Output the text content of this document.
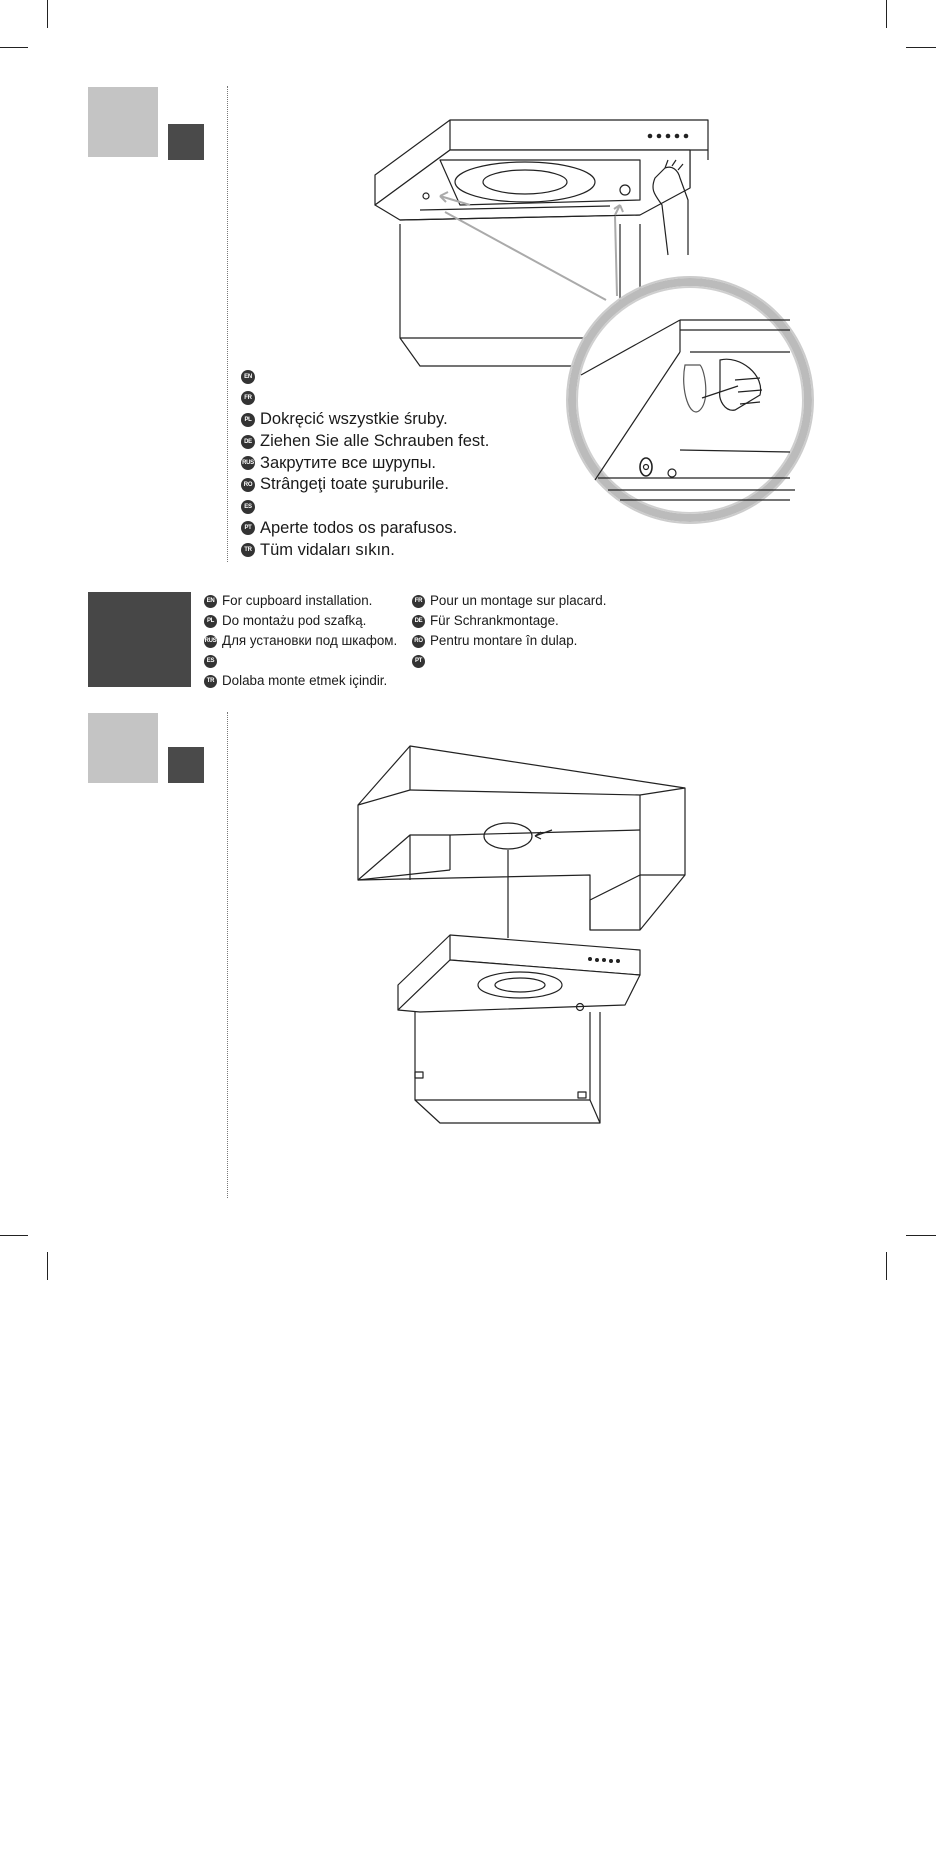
EN
FR
PL Dokręcić wszystkie śruby.
DE Ziehen Sie alle Schrauben fest.
RUS Закрутите все шурупы.
RO Strângeţi toate şuruburile.
ES
PT Aperte todos os parafusos.
TR Tüm vidaları sıkın.
EN For cupboard installation.
PL Do montażu pod szafką.
RUS Для установки под шкафом.
ES
TR Dolaba monte etmek içindir.
FR Pour un montage sur placard.
DE Für Schrankmontage.
RO Pentru montare în dulap.
PT
